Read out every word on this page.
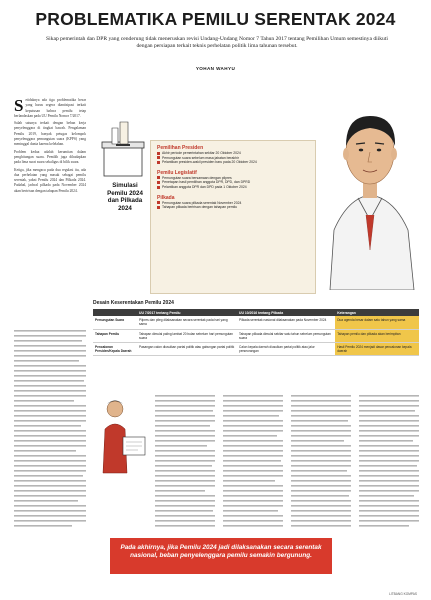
PROBLEMATIKA PEMILU SERENTAK 2024
Sikap pemerintah dan DPR yang cenderung tidak meneruskan revisi Undang-Undang Nomor 7 Tahun 2017 tentang Pemilihan Umum semestinya diikuti dengan persiapan terkait teknis perhelatan politik lima tahunan tersebut.
YOHAN WAHYU
S etidaknya ada tiga problematika besar yang harus segera diantisipasi terkait keputusan bahwa pemilu tetap berlandaskan pada UU Pemilu Nomor 7/2017.

Salah satunya terkait dengan beban kerja penyelenggara di tingkat bawah. Pengalaman Pemilu 2019, banyak petugas kelompok penyelenggara pemungutan suara (KPPS) yang meninggal dunia karena kelelahan.

Problem kedua adalah kerumitan dalam penghitungan suara. Pemilih juga dihadapkan pada lima surat suara sekaligus di bilik suara.

Ketiga, jika mengacu pada dua regulasi itu, ada dua perhelatan yang masuk sebagai pemilu serentak, yakni Pemilu 2024 dan Pilkada 2024. Padahal, jadwal pilkada pada November 2024 akan beririsan dengan tahapan Pemilu 2024.

Simulasi Pemilu 2024 dan Pilkada 2024
Pemilihan Presiden
Akhir periode pemerintahan sekitar 20 Oktober 2024
Pemungutan suara sebelum masa jabatan berakhir
Pelantikan presiden-wakil presiden baru pada 20 Oktober 2024
Pemilu Legislatif
Pemungutan suara bersamaan dengan pilpres
Penetapan hasil pemilihan anggota DPR, DPD, dan DPRD
Pelantikan anggota DPR dan DPD pada 1 Oktober 2024
Pilkada
Pemungutan suara pilkada serentak November 2024
Tahapan pilkada beririsan dengan tahapan pemilu
Desain Keserentakan Pemilu 2024
	UU 7/2017 tentang Pemilu	UU 10/2016 tentang Pilkada	Keterangan
Pemungutan Suara	Pilpres dan pileg dilaksanakan secara serentak pada hari yang sama	Pilkada serentak nasional dilaksanakan pada November 2024	Dua agenda besar dalam satu tahun yang sama
Tahapan Pemilu	Tahapan dimulai paling lambat 20 bulan sebelum hari pemungutan suara	Tahapan pilkada dimulai sekitar satu tahun sebelum pemungutan suara	Tahapan pemilu dan pilkada akan berimpitan
Pencalonan Presiden/Kepala Daerah	Pasangan calon diusulkan partai politik atau gabungan partai politik	Calon kepala daerah diusulkan partai politik atau jalur perseorangan	Hasil Pemilu 2024 menjadi dasar pencalonan kepala daerah
Pada akhirnya, jika Pemilu 2024 jadi dilaksanakan secara serentak nasional, beban penyelenggara pemilu semakin bergunung.
LITBANG KOMPAS
